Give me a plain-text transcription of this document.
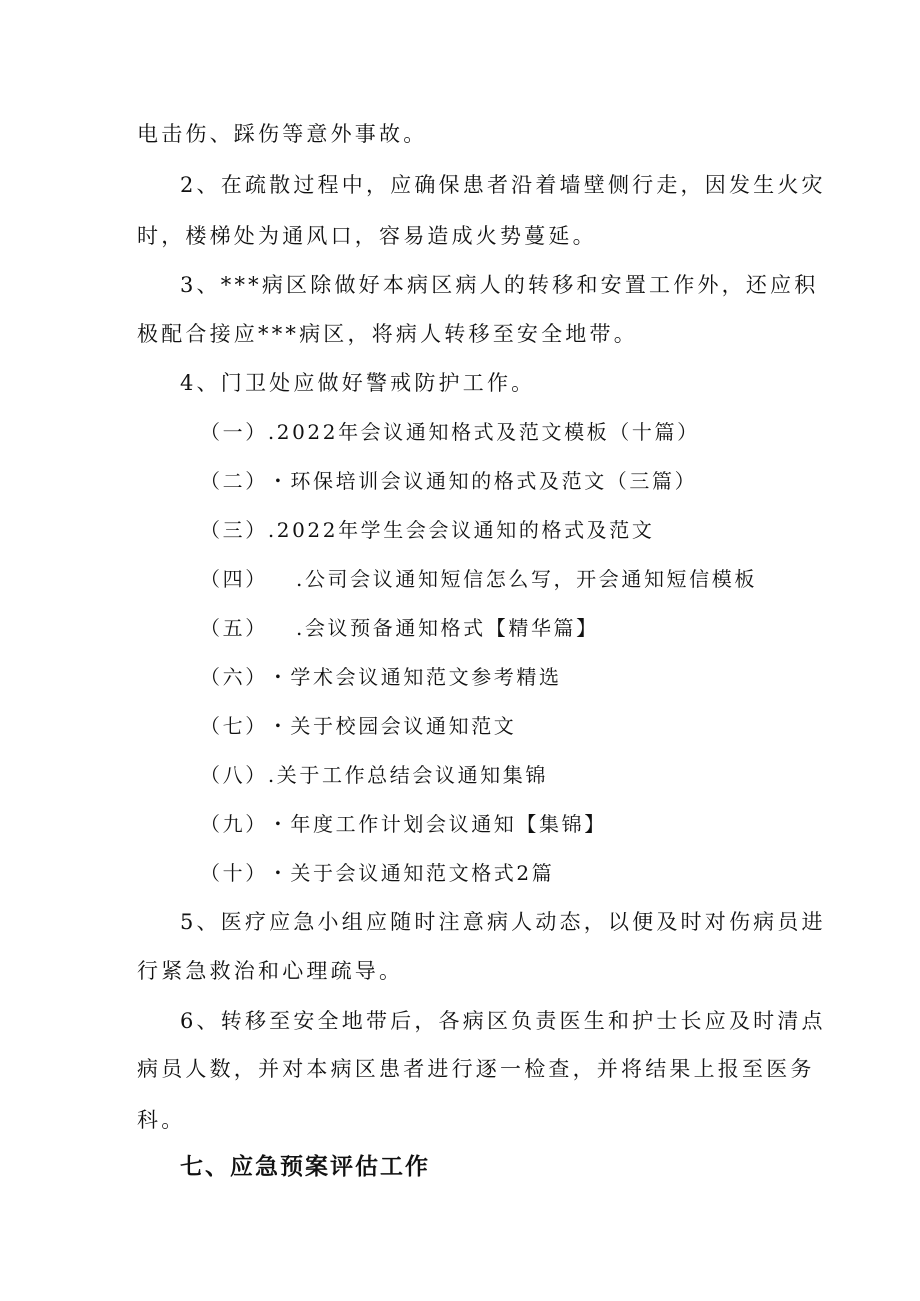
电击伤、踩伤等意外事故。
2、在疏散过程中，应确保患者沿着墙壁侧行走，因发生火灾
时，楼梯处为通风口，容易造成火势蔓延。
3、***病区除做好本病区病人的转移和安置工作外，还应积
极配合接应***病区，将病人转移至安全地带。
4、门卫处应做好警戒防护工作。
（一）.2022年会议通知格式及范文模板（十篇）
（二）・环保培训会议通知的格式及范文（三篇）
（三）.2022年学生会会议通知的格式及范文
（四） .公司会议通知短信怎么写，开会通知短信模板
（五） .会议预备通知格式【精华篇】
（六）・学术会议通知范文参考精选
（七）・关于校园会议通知范文
（八）.关于工作总结会议通知集锦
（九）・年度工作计划会议通知【集锦】
（十）・关于会议通知范文格式2篇
5、医疗应急小组应随时注意病人动态，以便及时对伤病员进
行紧急救治和心理疏导。
6、转移至安全地带后，各病区负责医生和护士长应及时清点
病员人数，并对本病区患者进行逐一检查，并将结果上报至医务
科。
七、应急预案评估工作
